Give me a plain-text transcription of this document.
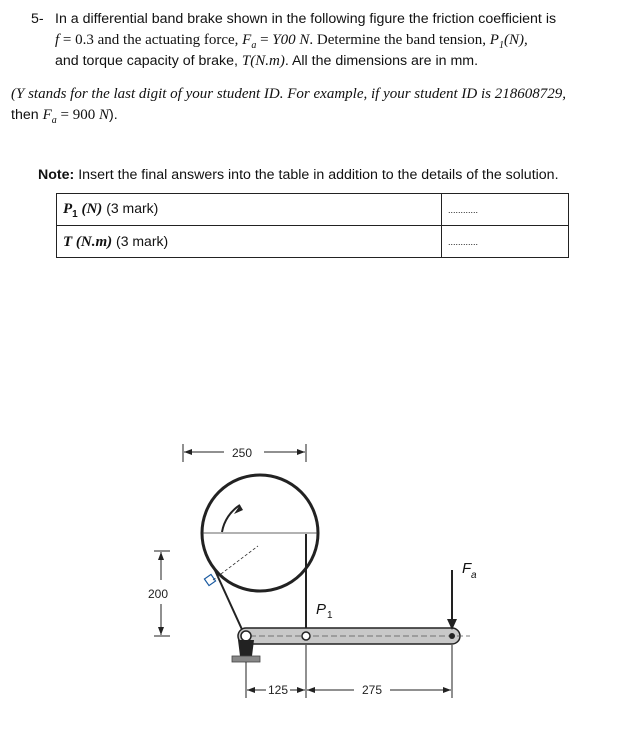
5- In a differential band brake shown in the following figure the friction coefficient is
f = 0.3 and the actuating force, $F_a = Y00$ N. Determine the band tension, $P_1(N)$,
and torque capacity of brake, T(N.m). All the dimensions are in mm.
(Y stands for the last digit of your student ID. For example, if your student ID is 218608729,
then $F_a = 900$ N).
Note: Insert the final answers into the table in addition to the details of the solution.
$P_1$ (N) (3 mark)	............
T (N.m) (3 mark)	............
250
200
P 1
F a
125	275
